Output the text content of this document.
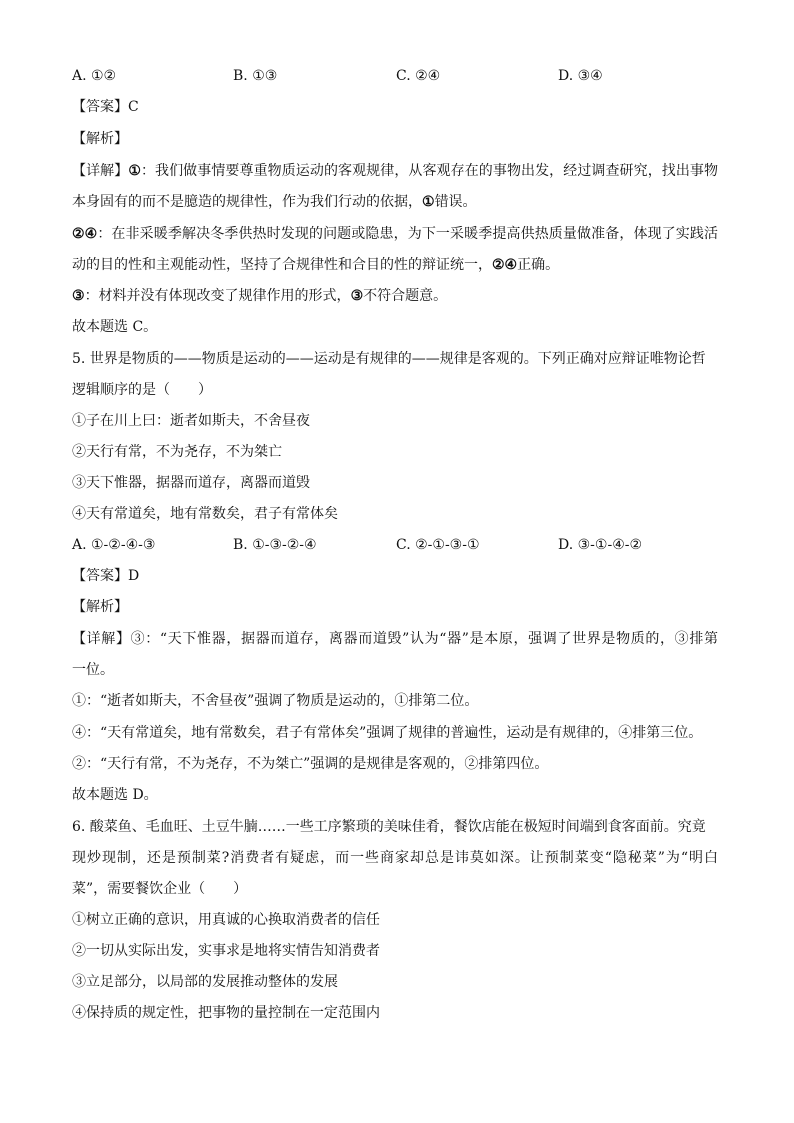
A. ①②	B. ①③	C. ②④	D. ③④
【答案】C
【解析】
【详解】①：我们做事情要尊重物质运动的客观规律，从客观存在的事物出发，经过调查研究，找出事物
本身固有的而不是臆造的规律性，作为我们行动的依据，①错误。
②④：在非采暖季解决冬季供热时发现的问题或隐患，为下一采暖季提高供热质量做准备，体现了实践活
动的目的性和主观能动性，坚持了合规律性和合目的性的辩证统一，②④正确。
③：材料并没有体现改变了规律作用的形式，③不符合题意。
故本题选 C。
5. 世界是物质的——物质是运动的——运动是有规律的——规律是客观的。下列正确对应辩证唯物论哲
逻辑顺序的是（　　）
①子在川上曰：逝者如斯夫，不舍昼夜
②天行有常，不为尧存，不为桀亡
③天下惟器，据器而道存，离器而道毁
④天有常道矣，地有常数矣，君子有常体矣
A. ①-②-④-③	B. ①-③-②-④	C. ②-①-③-①	D. ③-①-④-②
【答案】D
【解析】
【详解】③：“天下惟器，据器而道存，离器而道毁”认为“器”是本原，强调了世界是物质的，③排第
一位。
①：“逝者如斯夫，不舍昼夜”强调了物质是运动的，①排第二位。
④：“天有常道矣，地有常数矣，君子有常体矣”强调了规律的普遍性，运动是有规律的，④排第三位。
②：“天行有常，不为尧存，不为桀亡”强调的是规律是客观的，②排第四位。
故本题选 D。
6. 酸菜鱼、毛血旺、土豆牛腩……一些工序繁琐的美味佳肴，餐饮店能在极短时间端到食客面前。究竟
现炒现制，还是预制菜?消费者有疑虑，而一些商家却总是讳莫如深。让预制菜变“隐秘菜”为“明白
菜”，需要餐饮企业（　　）
①树立正确的意识，用真诚的心换取消费者的信任
②一切从实际出发，实事求是地将实情告知消费者
③立足部分，以局部的发展推动整体的发展
④保持质的规定性，把事物的量控制在一定范围内
